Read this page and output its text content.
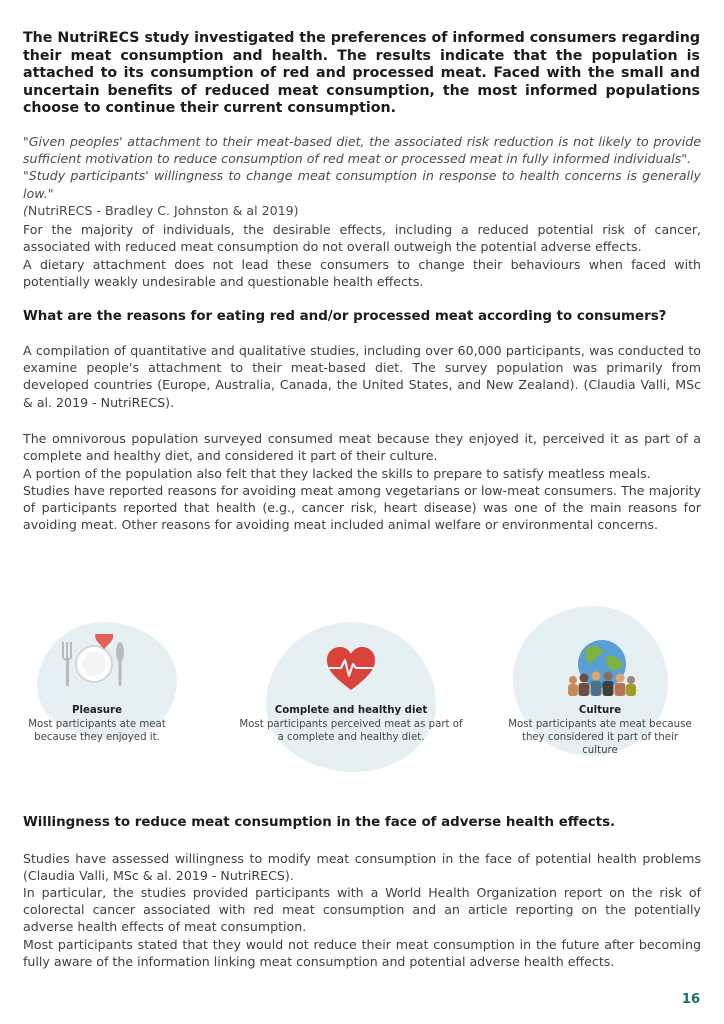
The NutriRECS study investigated the preferences of informed consumers regarding their meat consumption and health. The results indicate that the population is attached to its consumption of red and processed meat. Faced with the small and uncertain benefits of reduced meat consumption, the most informed populations choose to continue their current consumption.

"Given peoples' attachment to their meat-based diet, the associated risk reduction is not likely to provide sufficient motivation to reduce consumption of red meat or processed meat in fully informed individuals".
"Study participants' willingness to change meat consumption in response to health concerns is generally low."
(NutriRECS - Bradley C. Johnston & al 2019)

For the majority of individuals, the desirable effects, including a reduced potential risk of cancer, associated with reduced meat consumption do not overall outweigh the potential adverse effects.

A dietary attachment does not lead these consumers to change their behaviours when faced with potentially weakly undesirable and questionable health effects.

What are the reasons for eating red and/or processed meat according to consumers?

A compilation of quantitative and qualitative studies, including over 60,000 participants, was conducted to examine people's attachment to their meat-based diet. The survey population was primarily from developed countries (Europe, Australia, Canada, the United States, and New Zealand). (Claudia Valli, MSc & al. 2019 - NutriRECS).

The omnivorous population surveyed consumed meat because they enjoyed it, perceived it as part of a complete and healthy diet, and considered it part of their culture.

A portion of the population also felt that they lacked the skills to prepare to satisfy meatless meals.

Studies have reported reasons for avoiding meat among vegetarians or low-meat consumers. The majority of participants reported that health (e.g., cancer risk, heart disease) was one of the main reasons for avoiding meat. Other reasons for avoiding meat included animal welfare or environmental concerns.

Pleasure
Most participants ate meat because they enjoyed it.
Complete and healthy diet
Most participants perceived meat as part of a complete and healthy diet.
Culture
Most participants ate meat because they considered it part of their culture
Willingness to reduce meat consumption in the face of adverse health effects.

Studies have assessed willingness to modify meat consumption in the face of potential health problems (Claudia Valli, MSc & al. 2019 - NutriRECS).

In particular, the studies provided participants with a World Health Organization report on the risk of colorectal cancer associated with red meat consumption and an article reporting on the potentially adverse health effects of meat consumption.

Most participants stated that they would not reduce their meat consumption in the future after becoming fully aware of the information linking meat consumption and potential adverse health effects.

16
